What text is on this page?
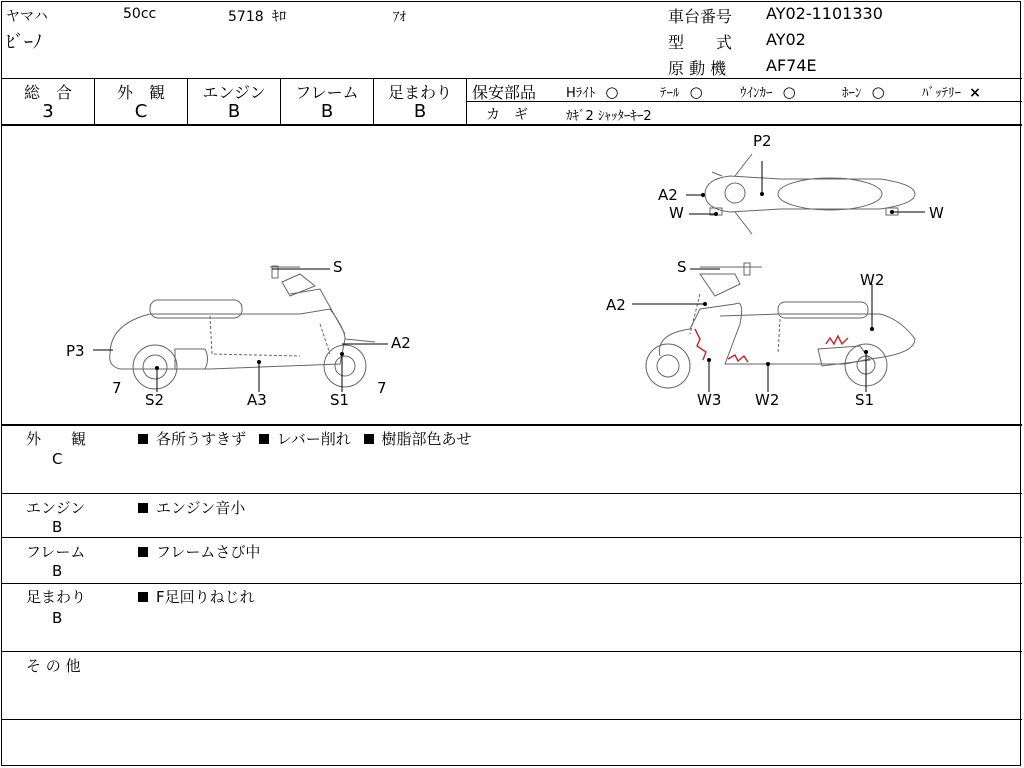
ヤマハ	50cc	5718 ｷﾛ	ｱｵ
ﾋﾞｰﾉ
車台番号 AY02-1101330
型　　式 AY02
原 動 機 AF74E
総　合
3
外　観
C
エンジン
B
フレーム
B
足まわり
B
保安部品 Hﾗｲﾄ ○	ﾃｰﾙ ○	ｳｲﾝｶｰ ○	ﾎｰﾝ ○	ﾊﾞｯﾃﾘｰ ×
カ　ギ	ｶｷﾞ2 ｼｬｯﾀｰｷｰ2
S
P3	A2
7	7
S2	A3	S1
P2
A2
W	W
S
W2
A2
W3 W2	S1
外　　観
C
各所うすきず レバー削れ 樹脂部色あせ
エンジン
B
エンジン音小
フレーム
B
フレームさび中
足まわり
B
F足回りねじれ
そ の 他
